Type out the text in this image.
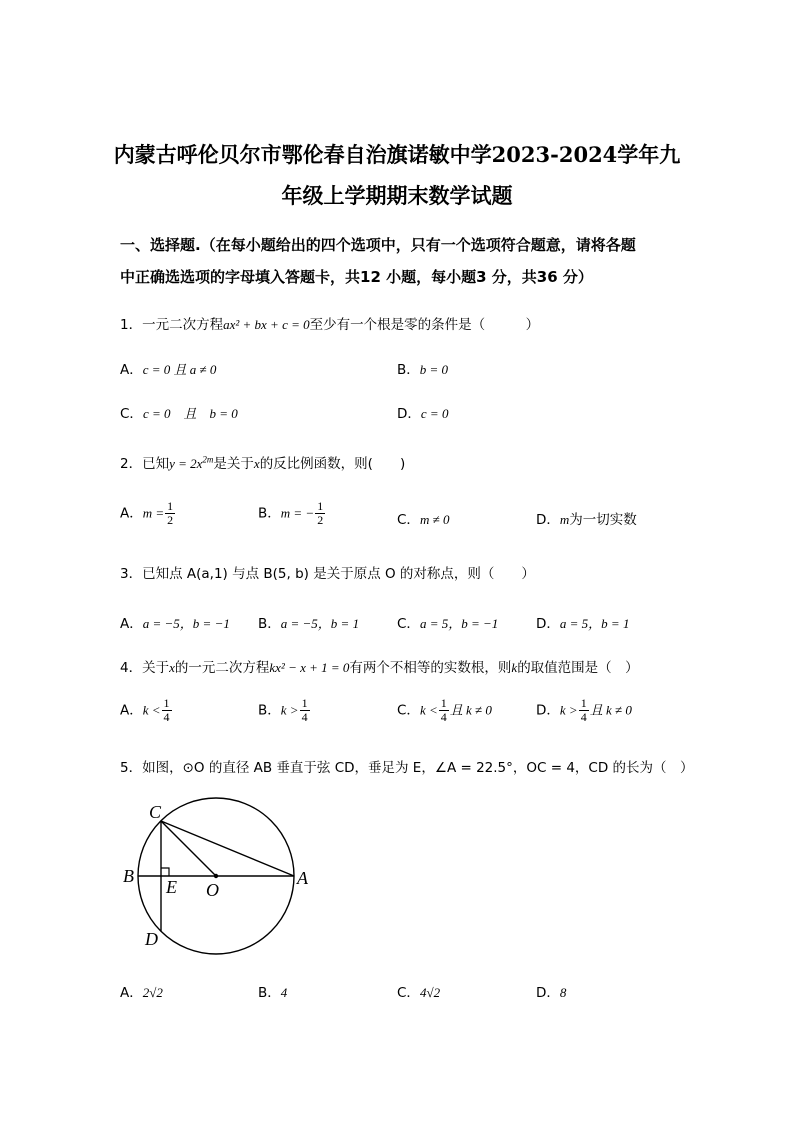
内蒙古呼伦贝尔市鄂伦春自治旗诺敏中学2023-2024学年九
年级上学期期末数学试题
一、选择题.（在每小题给出的四个选项中，只有一个选项符合题意，请将各题
中正确选选项的字母填入答题卡，共12 小题，每小题3 分，共36 分）
1．一元二次方程ax² + bx + c = 0至少有一个根是零的条件是（　　　）
A．c = 0 且 a ≠ 0	B．b = 0
C．c = 0　且　b = 0	D．c = 0
2．已知$y = 2x^{2m}$是关于x的反比例函数，则(　　)
A．$m = \frac{1}{2}$	B．m = − $\frac{1}{2}$	C．m ≠ 0	D．m为一切实数
3．已知点 A(a,1) 与点 B(5, b) 是关于原点 O 的对称点，则（　　）
A．a = −5，b = −1 B．a = −5，b = 1	C．a = 5，b = −1	D．a = 5，b = 1
4．关于x的一元二次方程kx² − x + 1 = 0有两个不相等的实数根，则k的取值范围是（　）
A．$k < \frac{1}{4}$	B．$k > \frac{1}{4}$	C．$k < \frac{1}{4}$ 且 k ≠ 0	D．$k > \frac{1}{4}$ 且 k ≠ 0
5．如图，⊙O 的直径 AB 垂直于弦 CD，垂足为 E，∠A = 22.5°，OC = 4，CD 的长为（　）
C
B
E O
A
D
A．2√2	B．4	C．4√2	D．8
